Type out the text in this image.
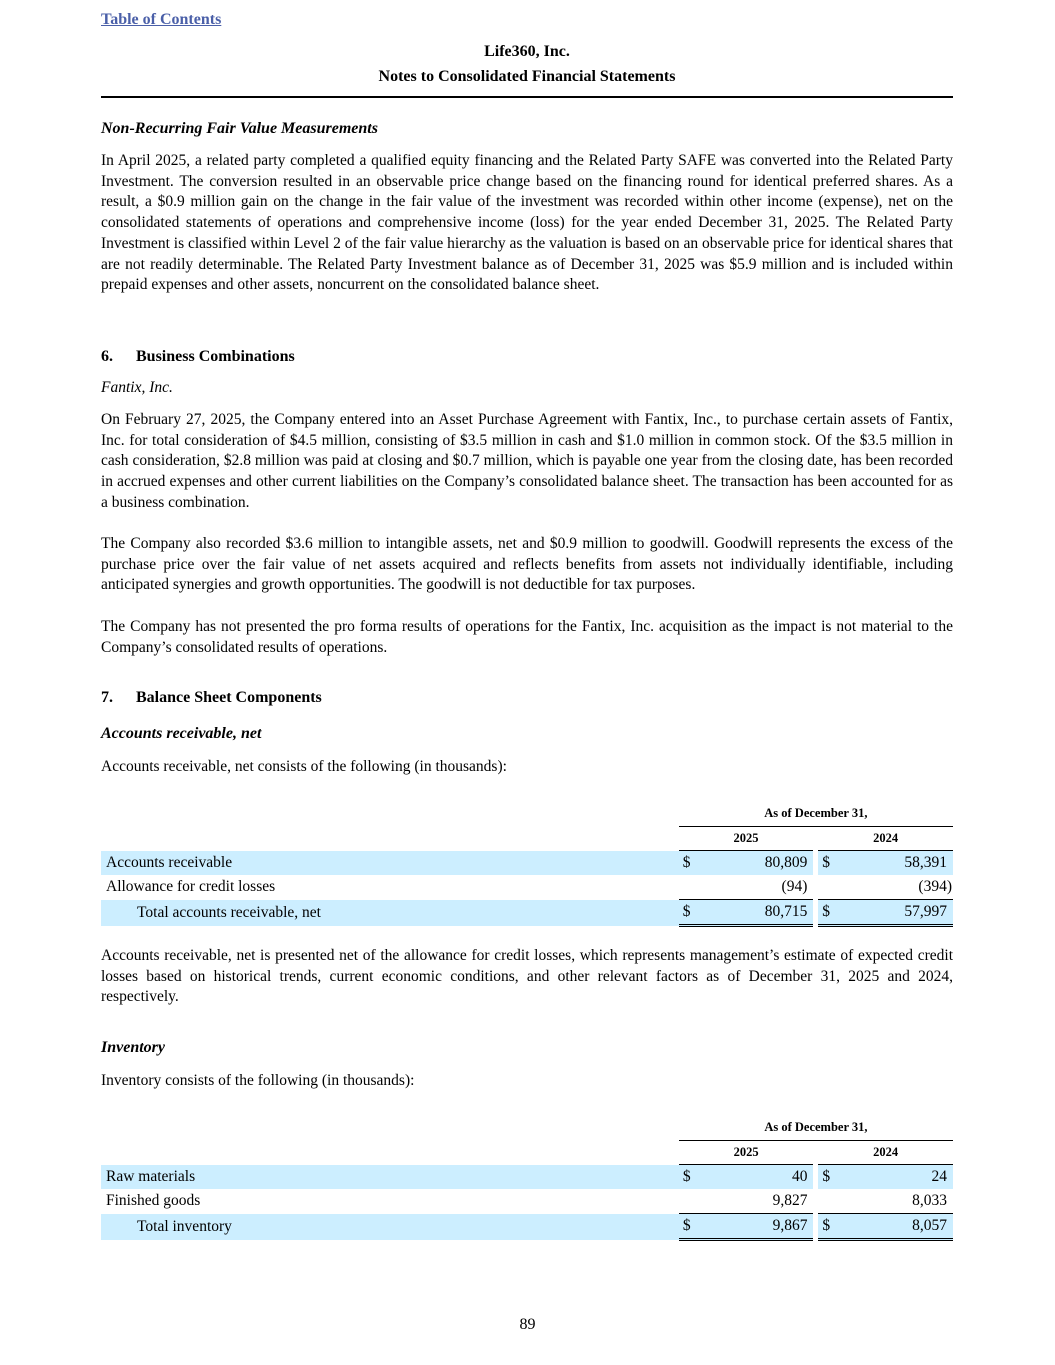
Table of Contents
Life360, Inc.
Notes to Consolidated Financial Statements
Non-Recurring Fair Value Measurements

In April 2025, a related party completed a qualified equity financing and the Related Party SAFE was converted into the Related Party Investment. The conversion resulted in an observable price change based on the financing round for identical preferred shares. As a result, a $0.9 million gain on the change in the fair value of the investment was recorded within other income (expense), net on the consolidated statements of operations and comprehensive income (loss) for the year ended December 31, 2025. The Related Party Investment is classified within Level 2 of the fair value hierarchy as the valuation is based on an observable price for identical shares that are not readily determinable. The Related Party Investment balance as of December 31, 2025 was $5.9 million and is included within prepaid expenses and other assets, noncurrent on the consolidated balance sheet.

6. Business Combinations
Fantix, Inc.

On February 27, 2025, the Company entered into an Asset Purchase Agreement with Fantix, Inc., to purchase certain assets of Fantix, Inc. for total consideration of $4.5 million, consisting of $3.5 million in cash and $1.0 million in common stock. Of the $3.5 million in cash consideration, $2.8 million was paid at closing and $0.7 million, which is payable one year from the closing date, has been recorded in accrued expenses and other current liabilities on the Company’s consolidated balance sheet. The transaction has been accounted for as a business combination.

The Company also recorded $3.6 million to intangible assets, net and $0.9 million to goodwill. Goodwill represents the excess of the purchase price over the fair value of net assets acquired and reflects benefits from assets not individually identifiable, including anticipated synergies and growth opportunities. The goodwill is not deductible for tax purposes.

The Company has not presented the pro forma results of operations for the Fantix, Inc. acquisition as the impact is not material to the Company’s consolidated results of operations.

7. Balance Sheet Components
Accounts receivable, net

Accounts receivable, net consists of the following (in thousands):

	As of December 31,				
	2025			2024	
Accounts receivable	$	80,809		$	58,391
Allowance for credit losses		(94)			(394)
Total accounts receivable, net	$	80,715		$	57,997

Accounts receivable, net is presented net of the allowance for credit losses, which represents management’s estimate of expected credit losses based on historical trends, current economic conditions, and other relevant factors as of December 31, 2025 and 2024, respectively.

Inventory

Inventory consists of the following (in thousands):

	As of December 31,				
	2025			2024	
Raw materials	$	40		$	24
Finished goods		9,827			8,033
Total inventory	$	9,867		$	8,057
89
